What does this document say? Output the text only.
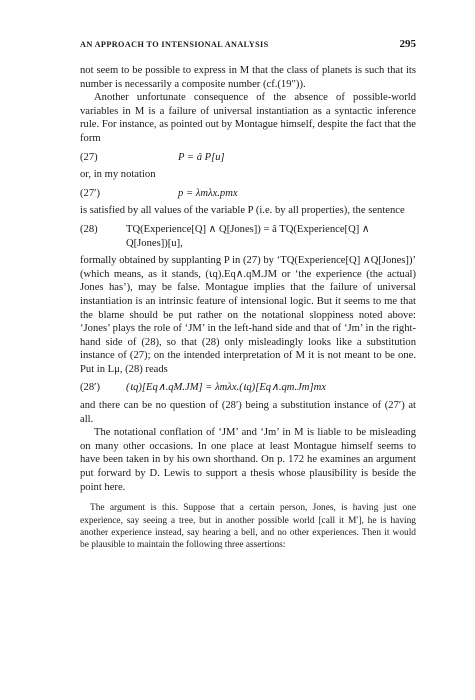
AN APPROACH TO INTENSIONAL ANALYSIS	295

not seem to be possible to express in M that the class of planets is such that its number is necessarily a composite number (cf.(19″)).

Another unfortunate consequence of the absence of possible-world variables in M is a failure of universal instantiation as a syntactic inference rule. For instance, as pointed out by Montague himself, despite the fact that the form

(27)	P = â P[u]

or, in my notation

(27′)	p = λmλx.pmx

is satisfied by all values of the variable P (i.e. by all properties), the sentence

(28)	TQ(Experience[Q] ∧ Q[Jones]) = â TQ(Experience[Q] ∧
Q[Jones])[u],

formally obtained by supplanting P in (27) by ‘TQ(Experience[Q] ∧Q[Jones])’ (which means, as it stands, (⍳q).Eq∧.qM.JM or ‘the experience (the actual) Jones has’), may be false. Montague implies that the failure of universal instantiation is an intrinsic feature of intensional logic. But it seems to me that the blame should be put rather on the notational sloppiness noted above: ‘Jones’ plays the role of ‘JM’ in the left-hand side and that of ‘Jm’ in the right-hand side of (28), so that (28) only misleadingly looks like a substitution instance of (27); on the intended interpretation of M it is not meant to be one. Put in Lμ, (28) reads

(28′)	(⍳q)[Eq∧.qM.JM] = λmλx.(⍳q)[Eq∧.qm.Jm]mx

and there can be no question of (28′) being a substitution instance of (27′) at all.

The notational conflation of ‘JM’ and ‘Jm’ in M is liable to be misleading on many other occasions. In one place at least Montague himself seems to have been taken in by his own shorthand. On p. 172 he examines an argument put forward by D. Lewis to support a thesis whose plausibility is beside the point here.

The argument is this. Suppose that a certain person, Jones, is having just one experience, say seeing a tree, but in another possible world [call it M′], he is having another experience instead, say hearing a bell, and no other experiences. Then it would be plausible to maintain the following three assertions:
